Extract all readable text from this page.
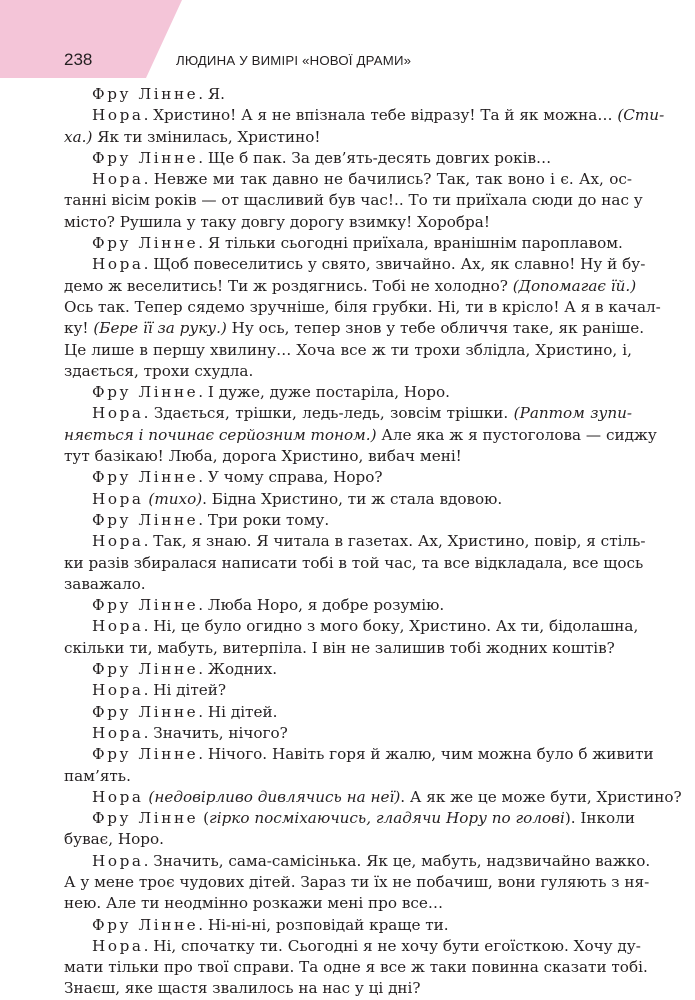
238	ЛЮДИНА У ВИМІРІ «НОВОЇ ДРАМИ»
Фру Лінне. Я.
Нора. Христино! А я не впізнала тебе відразу! Та й як можна… (Сти-
ха.) Як ти змінилась, Христино!
Фру Лінне. Ще б пак. За дев’ять-десять довгих років…
Нора. Невже ми так давно не бачились? Так, так воно і є. Ах, ос-
танні вісім років — от щасливий був час!.. То ти приїхала сюди до нас у
місто? Рушила у таку довгу дорогу взимку! Хоробра!
Фру Лінне. Я тільки сьогодні приїхала, вранішнім пароплавом.
Нора. Щоб повеселитись у свято, звичайно. Ах, як славно! Ну й бу-
демо ж веселитись! Ти ж роздягнись. Тобі не холодно? (Допомагає їй.)
Ось так. Тепер сядемо зручніше, біля грубки. Ні, ти в крісло! А я в качал-
ку! (Бере її за руку.) Ну ось, тепер знов у тебе обличчя таке, як раніше.
Це лише в першу хвилину… Хоча все ж ти трохи зблідла, Христино, і,
здається, трохи схудла.
Фру Лінне. І дуже, дуже постаріла, Норо.
Нора. Здається, трішки, ледь-ледь, зовсім трішки. (Раптом зупи-
няється і починає серйозним тоном.) Але яка ж я пустоголова — сиджу
тут базікаю! Люба, дорога Христино, вибач мені!
Фру Лінне. У чому справа, Норо?
Нора (тихо). Бідна Христино, ти ж стала вдовою.
Фру Лінне. Три роки тому.
Нора. Так, я знаю. Я читала в газетах. Ах, Христино, повір, я стіль-
ки разів збиралася написати тобі в той час, та все відкладала, все щось
заважало.
Фру Лінне. Люба Норо, я добре розумію.
Нора. Ні, це було огидно з мого боку, Христино. Ах ти, бідолашна,
скільки ти, мабуть, витерпіла. І він не залишив тобі жодних коштів?
Фру Лінне. Жодних.
Нора. Ні дітей?
Фру Лінне. Ні дітей.
Нора. Значить, нічого?
Фру Лінне. Нічого. Навіть горя й жалю, чим можна було б живити
пам’ять.
Нора (недовірливо дивлячись на неї). А як же це може бути, Христино?
Фру Лінне (гірко посміхаючись, гладячи Нору по голові). Інколи
буває, Норо.
Нора. Значить, сама-самісінька. Як це, мабуть, надзвичайно важко.
А у мене троє чудових дітей. Зараз ти їх не побачиш, вони гуляють з ня-
нею. Але ти неодмінно розкажи мені про все…
Фру Лінне. Ні-ні-ні, розповідай краще ти.
Нора. Ні, спочатку ти. Сьогодні я не хочу бути егоїсткою. Хочу ду-
мати тільки про твої справи. Та одне я все ж таки повинна сказати тобі.
Знаєш, яке щастя звалилось на нас у ці дні?
